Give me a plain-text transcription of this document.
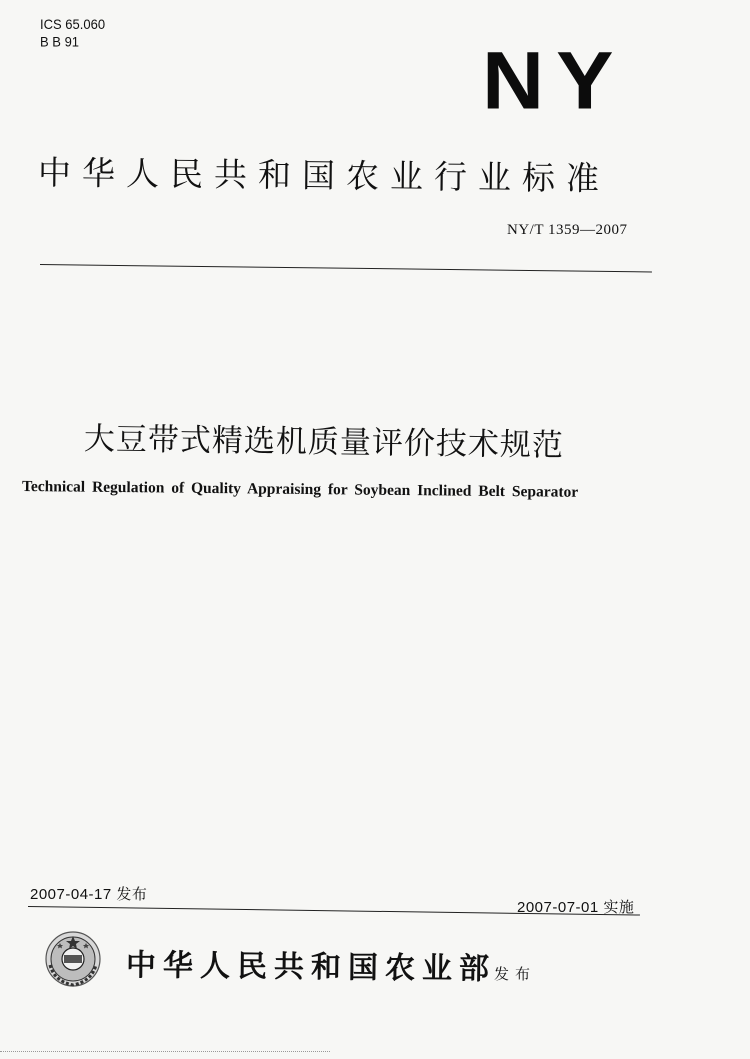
ICS 65.060
B B 91	NY
中华人民共和国农业行业标准
NY/T 1359—2007
大豆带式精选机质量评价技术规范
Technical Regulation of Quality Appraising for Soybean Inclined Belt Separator
2007-04-17 发布
2007-07-01 实施
中华人民共和国农业部
发布
